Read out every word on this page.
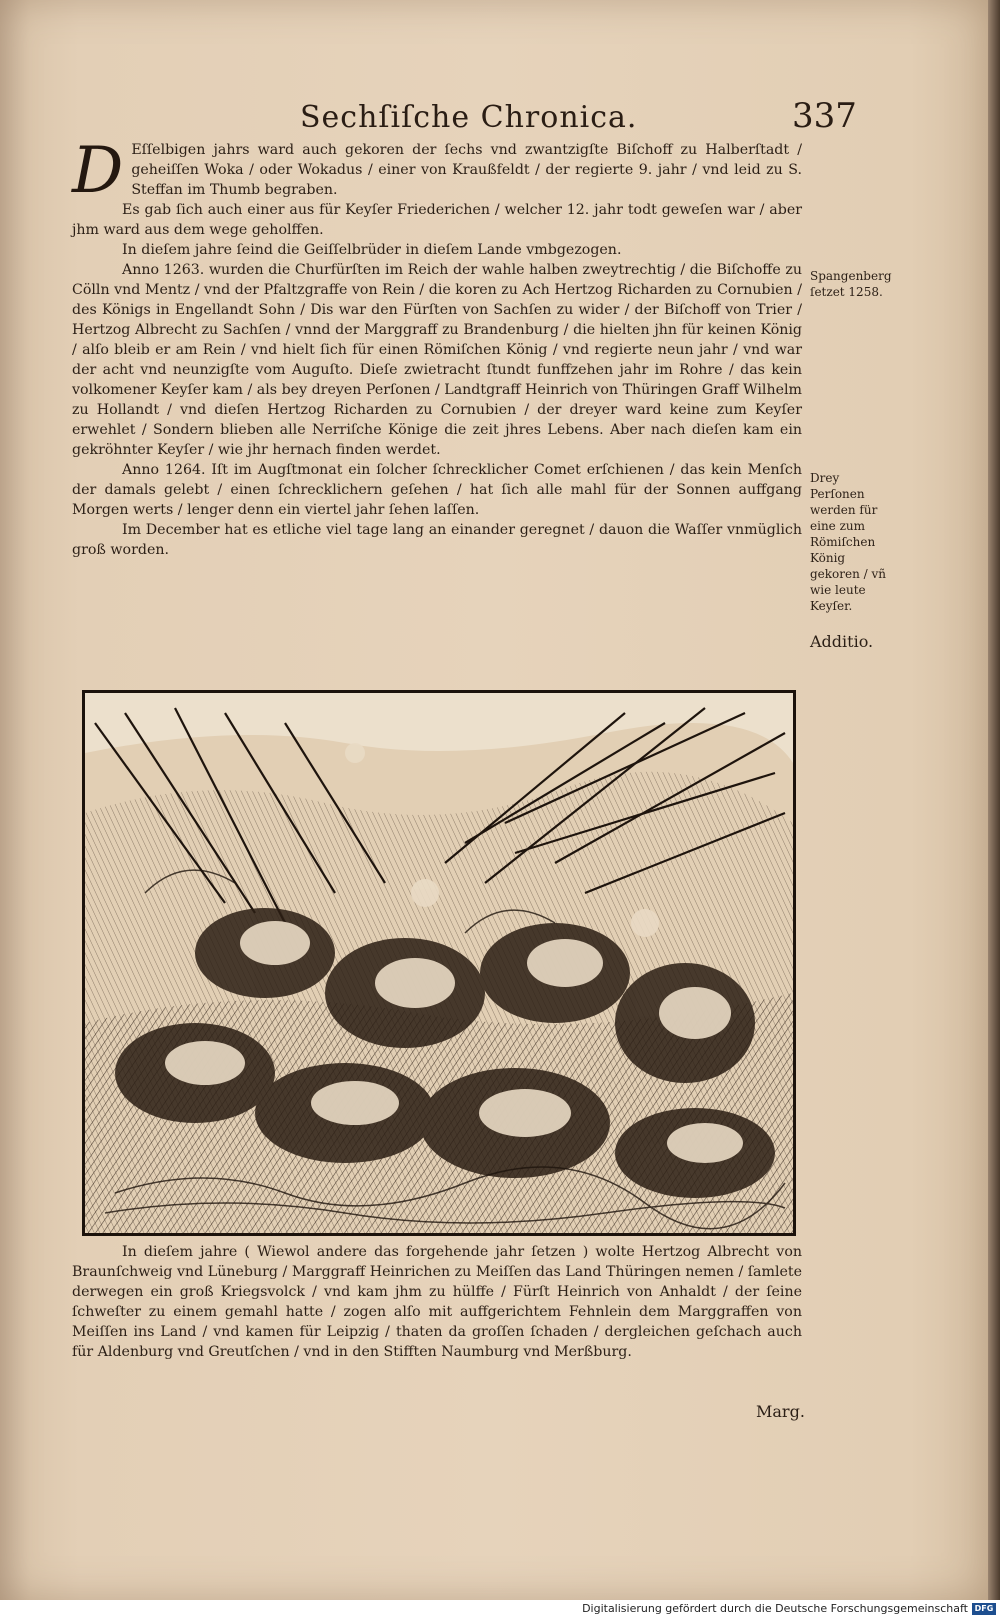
Sechſiſche Chronica.	337

D Eſſelbigen jahrs ward auch gekoren der ſechs vnd zwantzigſte Biſchoff zu Halberſtadt / geheiſſen Woka / oder Wokadus / einer von Kraußfeldt / der regierte 9. jahr / vnd leid zu S. Steffan im Thumb begraben.

Es gab ſich auch einer aus für Keyſer Friederichen / welcher 12. jahr todt geweſen war / aber jhm ward aus dem wege geholffen.

In dieſem jahre ſeind die Geiſſelbrüder in dieſem Lande vmbgezogen.

Anno 1263. wurden die Churfürſten im Reich der wahle halben zweytrechtig / die Biſchoffe zu Cölln vnd Mentz / vnd der Pfaltzgraffe von Rein / die koren zu Ach Hertzog Richarden zu Cornubien / des Königs in Engellandt Sohn / Dis war den Fürſten von Sachſen zu wider / der Biſchoff von Trier / Hertzog Albrecht zu Sachſen / vnnd der Marggraff zu Brandenburg / die hielten jhn für keinen König / alſo bleib er am Rein / vnd hielt ſich für einen Römiſchen König / vnd regierte neun jahr / vnd war der acht vnd neunzigſte vom Auguſto. Dieſe zwietracht ſtundt funffzehen jahr im Rohre / das kein volkomener Keyſer kam / als bey dreyen Perſonen / Landtgraff Heinrich von Thüringen Graff Wilhelm zu Hollandt / vnd dieſen Hertzog Richarden zu Cornubien / der dreyer ward keine zum Keyſer erwehlet / Sondern blieben alle Nerriſche Könige die zeit jhres Lebens. Aber nach dieſen kam ein gekröhnter Keyſer / wie jhr hernach finden werdet.

Anno 1264. Iſt im Augſtmonat ein ſolcher ſchrecklicher Comet erſchienen / das kein Menſch der damals gelebt / einen ſchrecklichern geſehen / hat ſich alle mahl für der Sonnen auffgang Morgen werts / lenger denn ein viertel jahr ſehen laſſen.

Im December hat es etliche viel tage lang an einander geregnet / dauon die Waſſer vnmüglich groß worden.

Spangenberg ſetzet 1258.
Drey Perſonen werden für eine zum Römiſchen König gekoren / vñ wie leute Keyſer.
Additio.

In dieſem jahre ( Wiewol andere das forgehende jahr ſetzen ) wolte Hertzog Albrecht von Braunſchweig vnd Lüneburg / Marggraff Heinrichen zu Meiſſen das Land Thüringen nemen / ſamlete derwegen ein groß Kriegsvolck / vnd kam jhm zu hülffe / Fürſt Heinrich von Anhaldt / der ſeine ſchweſter zu einem gemahl hatte / zogen alſo mit auffgerichtem Fehnlein dem Marggraffen von Meiſſen ins Land / vnd kamen für Leipzig / thaten da groſſen ſchaden / dergleichen geſchach auch für Aldenburg vnd Greutſchen / vnd in den Stifften Naumburg vnd Merßburg.

Marg.
Digitalisierung gefördert durch die Deutsche Forschungsgemeinschaft DFG
